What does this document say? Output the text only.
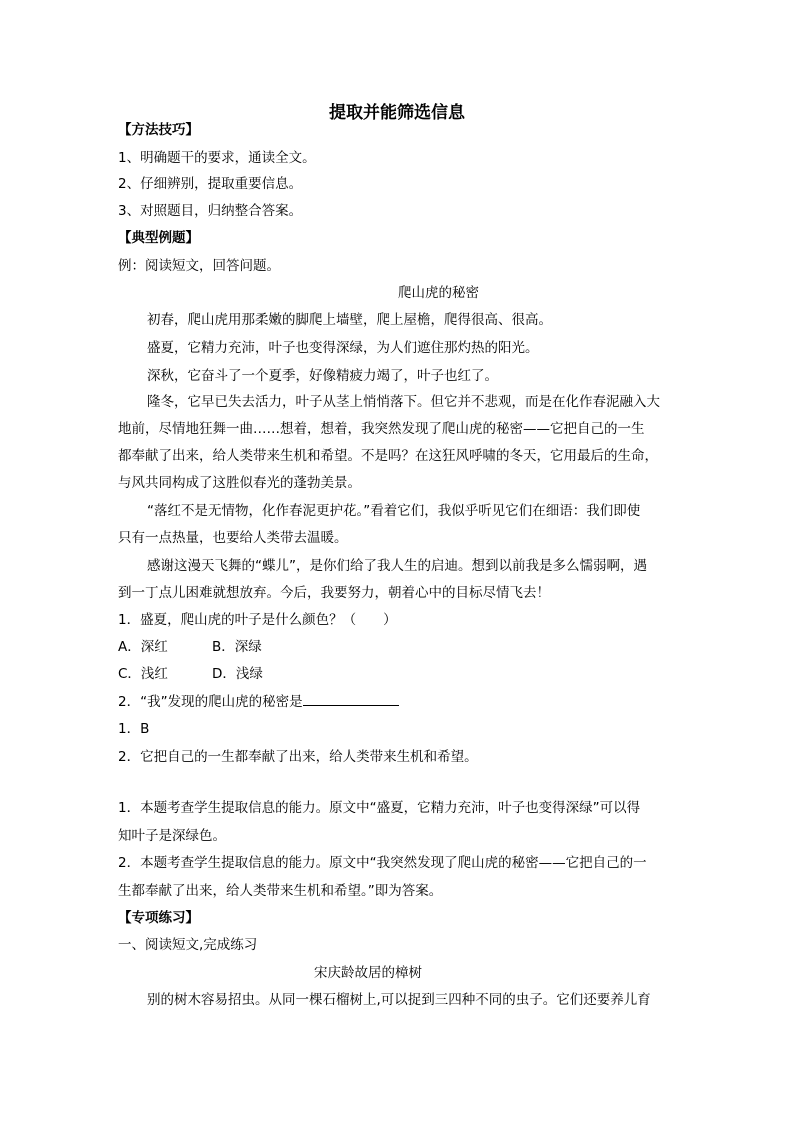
提取并能筛选信息
【方法技巧】
1、明确题干的要求，通读全文。
2、仔细辨别，提取重要信息。
3、对照题目，归纳整合答案。
【典型例题】
例：阅读短文，回答问题。
爬山虎的秘密
初春，爬山虎用那柔嫩的脚爬上墙壁，爬上屋檐，爬得很高、很高。
盛夏，它精力充沛，叶子也变得深绿，为人们遮住那灼热的阳光。
深秋，它奋斗了一个夏季，好像精疲力竭了，叶子也红了。
隆冬，它早已失去活力，叶子从茎上悄悄落下。但它并不悲观，而是在化作春泥融入大
地前，尽情地狂舞一曲……想着，想着，我突然发现了爬山虎的秘密——它把自己的一生
都奉献了出来，给人类带来生机和希望。不是吗？在这狂风呼啸的冬天，它用最后的生命，
与风共同构成了这胜似春光的蓬勃美景。
“落红不是无情物，化作春泥更护花。”看着它们，我似乎听见它们在细语：我们即使
只有一点热量，也要给人类带去温暖。
感谢这漫天飞舞的“蝶儿”，是你们给了我人生的启迪。想到以前我是多么懦弱啊，遇
到一丁点儿困难就想放弃。今后，我要努力，朝着心中的目标尽情飞去！
1．盛夏，爬山虎的叶子是什么颜色？（　　）
A．深红	B．深绿
C．浅红	D．浅绿
2．“我”发现的爬山虎的秘密是
1．B
2．它把自己的一生都奉献了出来，给人类带来生机和希望。
1．本题考查学生提取信息的能力。原文中“盛夏，它精力充沛，叶子也变得深绿”可以得
知叶子是深绿色。
2．本题考查学生提取信息的能力。原文中“我突然发现了爬山虎的秘密——它把自己的一
生都奉献了出来，给人类带来生机和希望。”即为答案。
【专项练习】
一、阅读短文,完成练习
宋庆龄故居的樟树
别的树木容易招虫。从同一棵石榴树上,可以捉到三四种不同的虫子。它们还要养儿育
